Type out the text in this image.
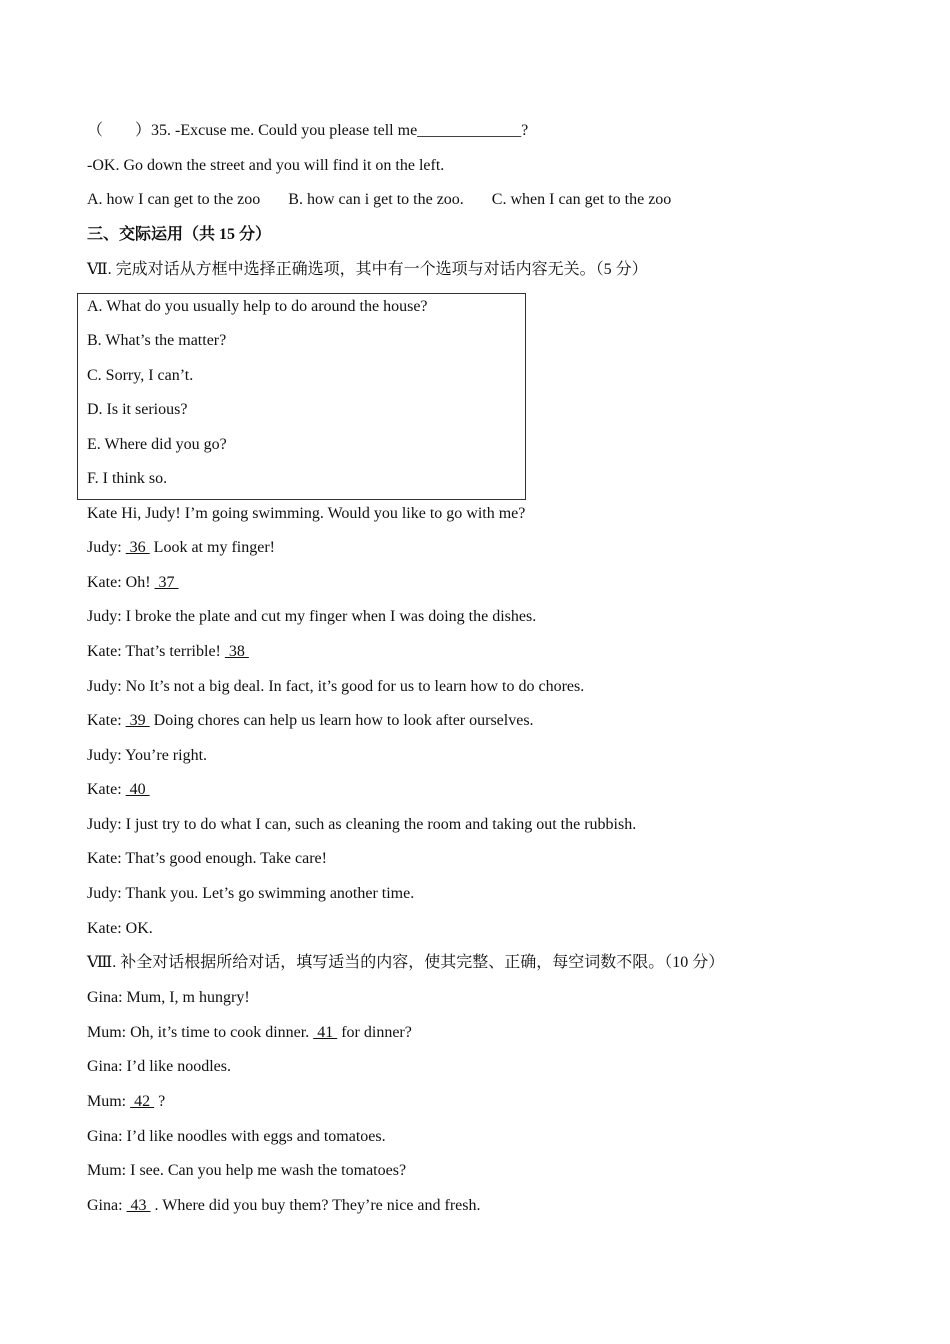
（        ）35. -Excuse me. Could you please tell me_____________?
-OK. Go down the street and you will find it on the left.
A. how I can get to the zoo B. how can i get to the zoo. C. when I can get to the zoo
三、交际运用（共 15 分）
Ⅶ. 完成对话从方框中选择正确选项，其中有一个选项与对话内容无关。（5 分）
A. What do you usually help to do around the house?
B. What’s the matter?
C. Sorry, I can’t.
D. Is it serious?
E. Where did you go?
F. I think so.
Kate Hi, Judy! I’m going swimming. Would you like to go with me?
Judy:  36  Look at my finger!
Kate: Oh!  37
Judy: I broke the plate and cut my finger when I was doing the dishes.
Kate: That’s terrible!  38
Judy: No It’s not a big deal. In fact, it’s good for us to learn how to do chores.
Kate:  39  Doing chores can help us learn how to look after ourselves.
Judy: You’re right.
Kate:  40
Judy: I just try to do what I can, such as cleaning the room and taking out the rubbish.
Kate: That’s good enough. Take care!
Judy: Thank you. Let’s go swimming another time.
Kate: OK.
Ⅷ. 补全对话根据所给对话，填写适当的内容，使其完整、正确，每空词数不限。（10 分）
Gina: Mum, I, m hungry!
Mum: Oh, it’s time to cook dinner.  41  for dinner?
Gina: I’d like noodles.
Mum:  42  ?
Gina: I’d like noodles with eggs and tomatoes.
Mum: I see. Can you help me wash the tomatoes?
Gina:  43  . Where did you buy them? They’re nice and fresh.
